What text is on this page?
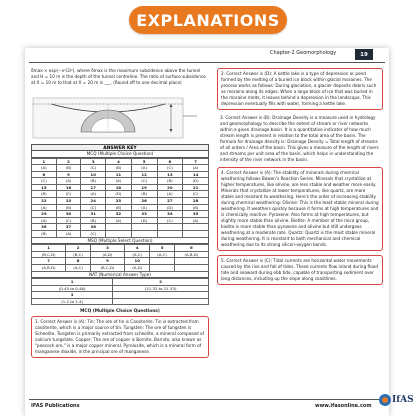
EXPLANATIONS
Chapter-2 Geomorphology	19

δmax × exp(−x²/2i²), where δmax is the maximum subsidence above the tunnel and H = 10 m is the depth of the tunnel centreline. The ratio of surface subsidence at X = 10 m to that at X = 20 m is ___. (Round off to one decimal place)

ANSWER KEY
MCQ (Multiple Choice Question)
1	2	3	4	5	6	7
(A)	(B)	(C)	(B)	(A)	(C)	(A)
8	9	10	11	12	13	14
(C)	(A)	(B)	(A)	(C)	(B)	(D)
15	16	17	18	19	20	21
(B)	(C)	(A)	(D)	(B)	(A)	(C)
22	23	24	25	26	27	28
(A)	(B)	(C)	(B)	(A)	(D)	(B)
29	30	31	32	33	34	35
(A)	(C)	(B)	(A)	(D)	(C)	(A)
36	37	38				
(B)	(A)	(C)				
MSQ (Multiple Select Question)
1	2	3	4	5	6
(B,C,D)	(B,C)	(A,D)	(A,C)	(A,C)	(A,B,D)
7	8	9	10		
(A,B,D)	(A,C)	(B,C,D)	(A,D)		
NAT (Numerical Answer Type)
1	2
(0.45 to 0.46)	(21.32 to 21.33)
3	
(1.2 to 1.4)	
MCQ (Multiple Choice Questions)

1. Correct Answer is (A): Tin: The ore of tin is Cassiterite. Tin is extracted from cassiterite, which is a major source of tin. Tungsten: The ore of tungsten is Scheelite. Tungsten is primarily extracted from scheelite, a mineral composed of calcium tungstate. Copper: The ore of copper is Bornite. Bornite, also known as "peacock ore," is a major copper mineral. Pyrolusite, which is a mineral form of manganese dioxide, is the principal ore of manganese.

2. Correct Answer is (D): A kettle lake is a type of depression or pond formed by the melting of a buried ice block within glacial moraines. The process works as follows: During glaciation, a glacier deposits debris such as moraine along its edges. When a large block of ice that was buried in the moraine melts, it leaves behind a depression in the landscape. This depression eventually fills with water, forming a kettle lake.

3. Correct Answer is (B): Drainage Density is a measure used in hydrology and geomorphology to describe the extent of stream or river networks within a given drainage basin. It is a quantitative indicator of how much stream length is present in relation to the total area of the basin. The formula for drainage density is: Drainage Density = Total length of streams of all orders / Area of the basin. This gives a measure of the length of rivers and streams per unit area of the basin, which helps in understanding the intensity of the river network in the basin.

4. Correct Answer is (A): The stability of minerals during chemical weathering follows Bowen's Reaction Series. Minerals that crystallize at higher temperatures, like olivine, are less stable and weather more easily. Minerals that crystallize at lower temperatures, like quartz, are more stable and resistant to weathering. Here's the order of increasing stability during chemical weathering: Olivine: This is the least stable mineral during weathering. It weathers quickly because it forms at high temperatures and is chemically reactive. Pyroxene: Also forms at high temperatures, but slightly more stable than olivine. Biotite: A member of the mica group, biotite is more stable than pyroxene and olivine but still undergoes weathering at a moderate rate. Quartz: Quartz is the most stable mineral during weathering. It is resistant to both mechanical and chemical weathering due to its strong silicon-oxygen bonds.

5. Correct Answer is (C): Tidal currents are horizontal water movements caused by the rise and fall of tides. These currents flow inland during flood tide and seaward during ebb tide, capable of transporting sediment over long distances, including up the slope along coastlines.

IFAS Publications	www.ifasonline.com
IfAS
